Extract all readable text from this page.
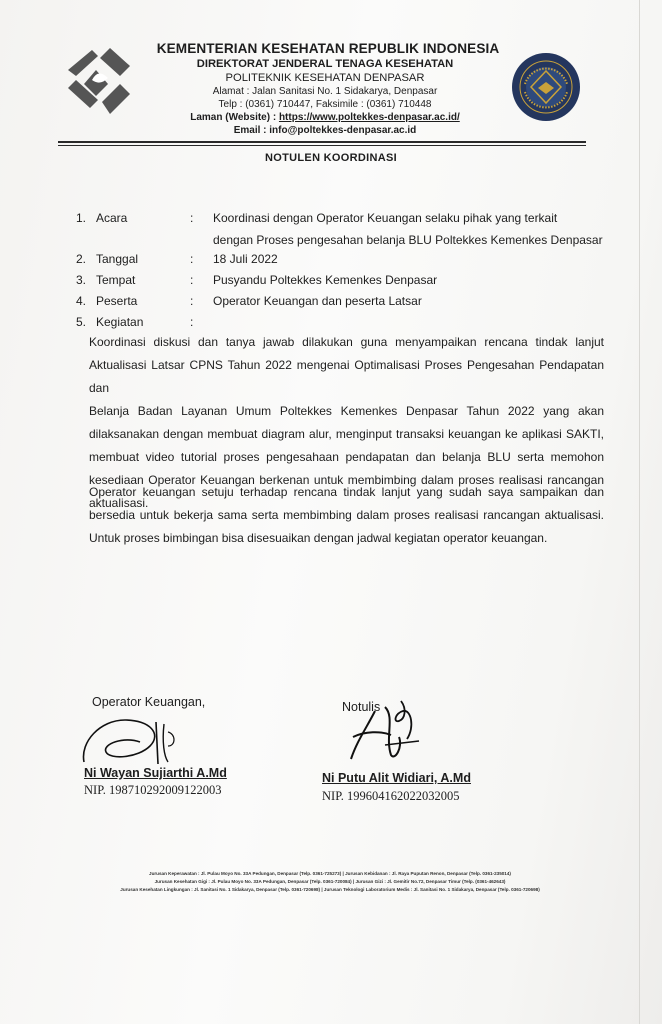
KEMENTERIAN KESEHATAN REPUBLIK INDONESIA
DIREKTORAT JENDERAL TENAGA KESEHATAN
POLITEKNIK KESEHATAN DENPASAR
Alamat : Jalan Sanitasi No. 1 Sidakarya, Denpasar
Telp : (0361) 710447, Faksimile : (0361) 710448
Laman (Website) : https://www.poltekkes-denpasar.ac.id/
Email : info@poltekkes-denpasar.ac.id
NOTULEN KOORDINASI
1. Acara	: Koordinasi dengan Operator Keuangan selaku pihak yang terkait
dengan Proses pengesahan belanja BLU Poltekkes Kemenkes Denpasar
2. Tanggal	: 18 Juli 2022
3. Tempat	: Pusyandu Poltekkes Kemenkes Denpasar
4. Peserta	: Operator Keuangan dan peserta Latsar
5. Kegiatan	:
Koordinasi diskusi dan tanya jawab dilakukan guna menyampaikan rencana tindak lanjut
Aktualisasi Latsar CPNS Tahun 2022 mengenai Optimalisasi Proses Pengesahan Pendapatan dan
Belanja Badan Layanan Umum Poltekkes Kemenkes Denpasar Tahun 2022 yang akan
dilaksanakan dengan membuat diagram alur, menginput transaksi keuangan ke aplikasi SAKTI,
membuat video tutorial proses pengesahaan pendapatan dan belanja BLU serta memohon
kesediaan Operator Keuangan berkenan untuk membimbing dalam proses realisasi rancangan
aktualisasi.
Operator keuangan setuju terhadap rencana tindak lanjut yang sudah saya sampaikan dan
bersedia untuk bekerja sama serta membimbing dalam proses realisasi rancangan aktualisasi.
Untuk proses bimbingan bisa disesuaikan dengan jadwal kegiatan operator keuangan.
Operator Keuangan,
Ni Wayan Sujiarthi A.Md
NIP. 198710292009122003
Notulis
Ni Putu Alit Widiari, A.Md
NIP. 199604162022032005
Jurusan Keperawatan : Jl. Pulau Moyo No. 33A Pedungan, Denpasar (Telp. 0361-725273) | Jurusan Kebidanan : Jl. Raya Puputan Renon, Denpasar (Telp. 0361-235014)
Jurusan Kesehatan Gigi : Jl. Pulau Moyo No. 33A Pedungan, Denpasar (Telp. 0361-720084) | Jurusan Gizi : Jl. Gemitir No.72, Denpasar Timur (Telp. (0361-462643)
Jurusan Kesehatan Lingkungan : Jl. Sanitasi No. 1 Sidakarya, Denpasar (Telp. 0361-720698) | Jurusan Teknologi Laboratorium Medis : Jl. Sanitasi No. 1 Sidakarya, Denpasar (Telp. 0361-720698)
